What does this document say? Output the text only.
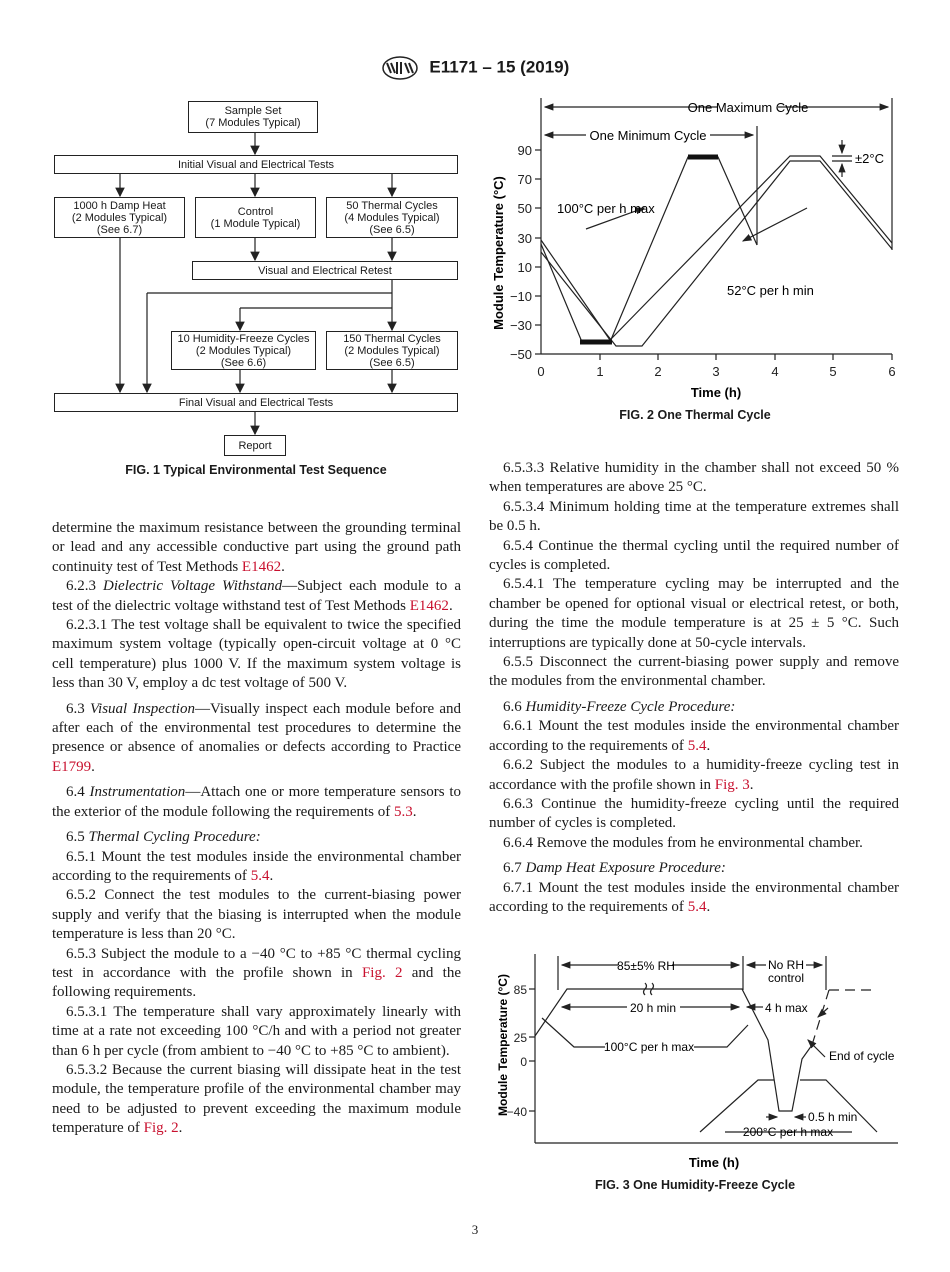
E1171 – 15 (2019)
Sample Set
(7 Modules Typical)
Initial Visual and Electrical Tests
1000 h Damp Heat
(2 Modules Typical)
(See 6.7)
Control
(1 Module Typical)
50 Thermal Cycles
(4 Modules Typical)
(See 6.5)
Visual and Electrical Retest
10 Humidity-Freeze Cycles
(2 Modules Typical)
(See 6.6)
150 Thermal Cycles
(2 Modules Typical)
(See 6.5)
Final Visual and Electrical Tests
Report
FIG. 1 Typical Environmental Test Sequence
90
70
50
30
10
−10
−30
−50
0	1	2	3	4	5	6
Time (h)
Module Temperature (°C)
One Maximum Cycle
One Minimum Cycle
±2°C
100°C per h max
52°C per h min
FIG. 2 One Thermal Cycle
85
25
0
−40
Module Temperature (°C)
Time (h)
85±5% RH	No RH
control
20 h min	4 h max
100°C per h max
End of cycle
0.5 h min
200°C per h max
FIG. 3 One Humidity-Freeze Cycle

determine the maximum resistance between the grounding terminal or lead and any accessible conductive part using the ground path continuity test of Test Methods E1462.

6.2.3 Dielectric Voltage Withstand—Subject each module to a test of the dielectric voltage withstand test of Test Methods E1462.

6.2.3.1 The test voltage shall be equivalent to twice the specified maximum system voltage (typically open-circuit voltage at 0 °C cell temperature) plus 1000 V. If the maximum system voltage is less than 30 V, employ a dc test voltage of 500 V.

6.3 Visual Inspection—Visually inspect each module before and after each of the environmental test procedures to determine the presence or absence of anomalies or defects according to Practice E1799.

6.4 Instrumentation—Attach one or more temperature sensors to the exterior of the module following the requirements of 5.3.

6.5 Thermal Cycling Procedure:

6.5.1 Mount the test modules inside the environmental chamber according to the requirements of 5.4.

6.5.2 Connect the test modules to the current-biasing power supply and verify that the biasing is interrupted when the module temperature is less than 20 °C.

6.5.3 Subject the module to a −40 °C to +85 °C thermal cycling test in accordance with the profile shown in Fig. 2 and the following requirements.

6.5.3.1 The temperature shall vary approximately linearly with time at a rate not exceeding 100 °C/h and with a period not greater than 6 h per cycle (from ambient to −40 °C to +85 °C to ambient).

6.5.3.2 Because the current biasing will dissipate heat in the test module, the temperature profile of the environmental chamber may need to be adjusted to prevent exceeding the maximum module temperature of Fig. 2.

6.5.3.3 Relative humidity in the chamber shall not exceed 50 % when temperatures are above 25 °C.

6.5.3.4 Minimum holding time at the temperature extremes shall be 0.5 h.

6.5.4 Continue the thermal cycling until the required number of cycles is completed.

6.5.4.1 The temperature cycling may be interrupted and the chamber be opened for optional visual or electrical retest, or both, during the time the module temperature is at 25 ± 5 °C. Such interruptions are typically done at 50-cycle intervals.

6.5.5 Disconnect the current-biasing power supply and remove the modules from the environmental chamber.

6.6 Humidity-Freeze Cycle Procedure:

6.6.1 Mount the test modules inside the environmental chamber according to the requirements of 5.4.

6.6.2 Subject the modules to a humidity-freeze cycling test in accordance with the profile shown in Fig. 3.

6.6.3 Continue the humidity-freeze cycling until the required number of cycles is completed.

6.6.4 Remove the modules from he environmental chamber.

6.7 Damp Heat Exposure Procedure:

6.7.1 Mount the test modules inside the environmental chamber according to the requirements of 5.4.

3
